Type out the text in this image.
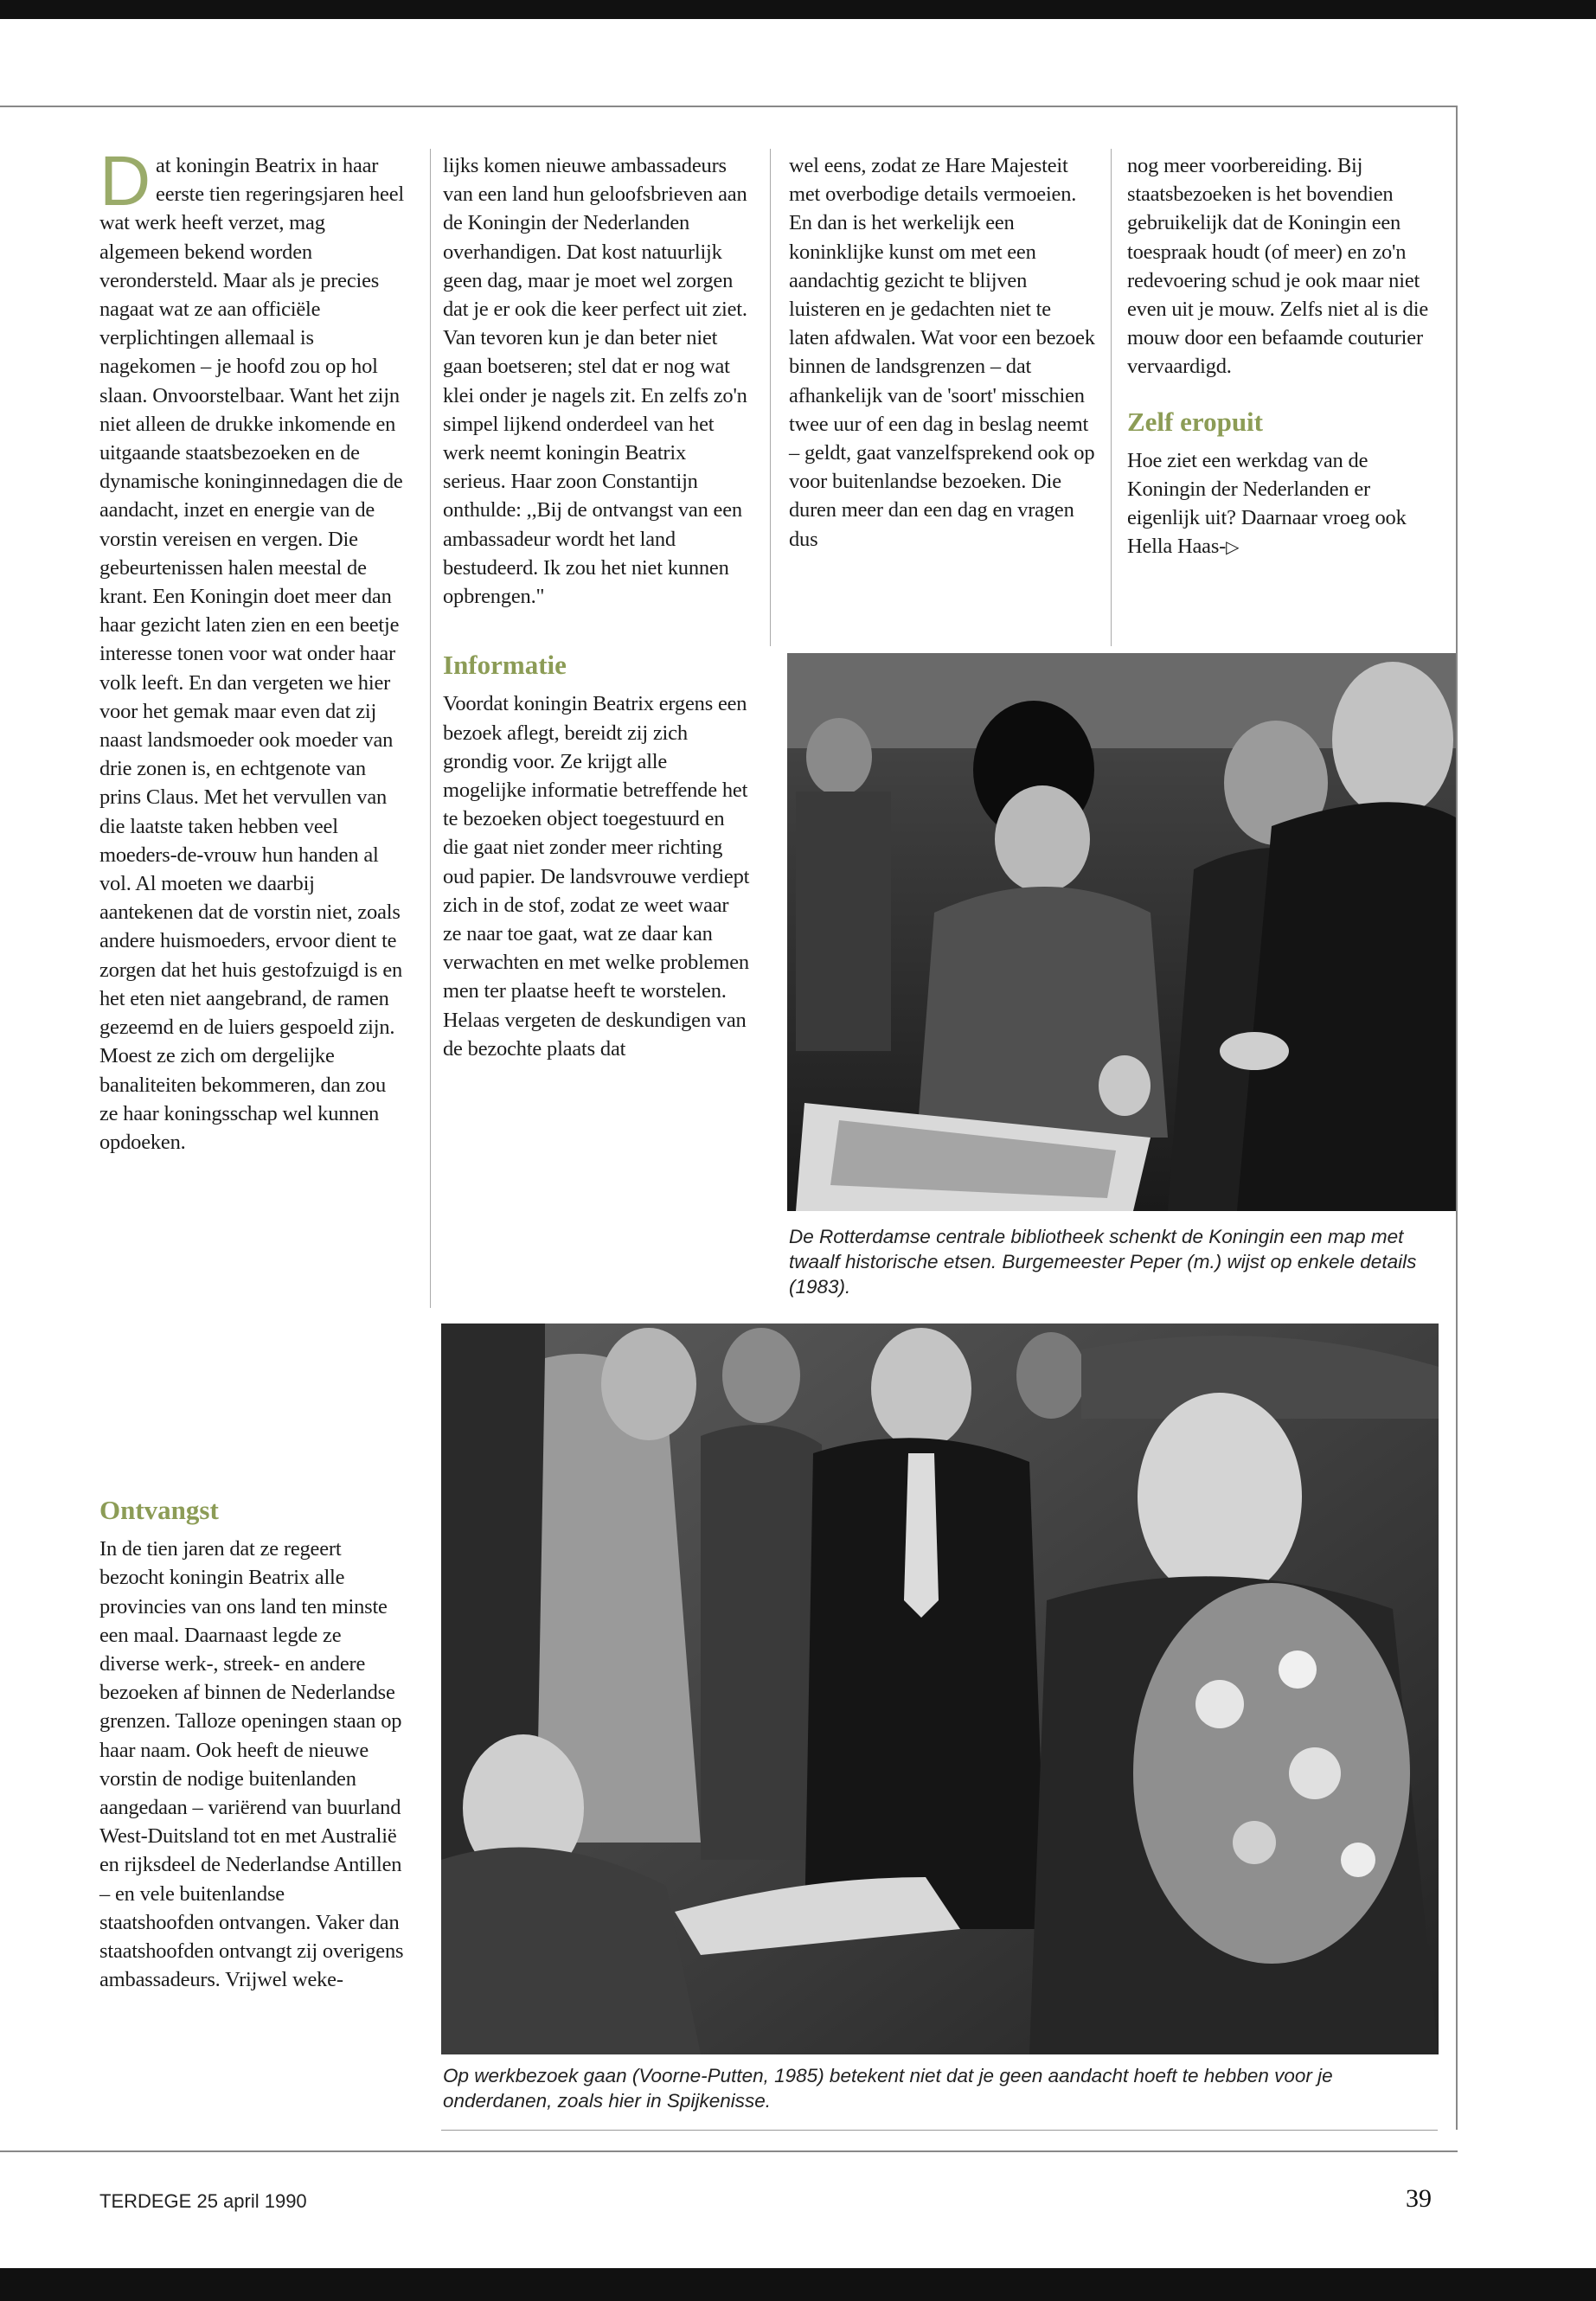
Dat koningin Beatrix in haar eerste tien regeringsjaren heel wat werk heeft verzet, mag algemeen bekend worden verondersteld. Maar als je precies nagaat wat ze aan officiële verplichtingen allemaal is nagekomen – je hoofd zou op hol slaan. Onvoorstelbaar. Want het zijn niet alleen de drukke inkomende en uitgaande staatsbezoeken en de dynamische koninginnedagen die de aandacht, inzet en energie van de vorstin vereisen en vergen. Die gebeurtenissen halen meestal de krant. Een Koningin doet meer dan haar gezicht laten zien en een beetje interesse tonen voor wat onder haar volk leeft. En dan vergeten we hier voor het gemak maar even dat zij naast landsmoeder ook moeder van drie zonen is, en echtgenote van prins Claus. Met het vervullen van die laatste taken hebben veel moeders-de-vrouw hun handen al vol. Al moeten we daarbij aantekenen dat de vorstin niet, zoals andere huismoeders, ervoor dient te zorgen dat het huis gestofzuigd is en het eten niet aangebrand, de ramen gezeemd en de luiers gespoeld zijn. Moest ze zich om dergelijke banaliteiten bekommeren, dan zou ze haar koningsschap wel kunnen opdoeken.

Ontvangst

In de tien jaren dat ze regeert bezocht koningin Beatrix alle provincies van ons land ten minste een maal. Daarnaast legde ze diverse werk-, streek- en andere bezoeken af binnen de Nederlandse grenzen. Talloze openingen staan op haar naam. Ook heeft de nieuwe vorstin de nodige buitenlanden aangedaan – variërend van buurland West-Duitsland tot en met Australië en rijksdeel de Nederlandse Antillen – en vele buitenlandse staatshoofden ontvangen. Vaker dan staatshoofden ontvangt zij overigens ambassadeurs. Vrijwel weke-

lijks komen nieuwe ambassadeurs van een land hun geloofsbrieven aan de Koningin der Nederlanden overhandigen. Dat kost natuurlijk geen dag, maar je moet wel zorgen dat je er ook die keer perfect uit ziet. Van tevoren kun je dan beter niet gaan boetseren; stel dat er nog wat klei onder je nagels zit. En zelfs zo'n simpel lijkend onderdeel van het werk neemt koningin Beatrix serieus. Haar zoon Constantijn onthulde: ,,Bij de ontvangst van een ambassadeur wordt het land bestudeerd. Ik zou het niet kunnen opbrengen."

Informatie

Voordat koningin Beatrix ergens een bezoek aflegt, bereidt zij zich grondig voor. Ze krijgt alle mogelijke informatie betreffende het te bezoeken object toegestuurd en die gaat niet zonder meer richting oud papier. De landsvrouwe verdiept zich in de stof, zodat ze weet waar ze naar toe gaat, wat ze daar kan verwachten en met welke problemen men ter plaatse heeft te worstelen. Helaas vergeten de deskundigen van de bezochte plaats dat

wel eens, zodat ze Hare Majesteit met overbodige details vermoeien. En dan is het werkelijk een koninklijke kunst om met een aandachtig gezicht te blijven luisteren en je gedachten niet te laten afdwalen. Wat voor een bezoek binnen de landsgrenzen – dat afhankelijk van de 'soort' misschien twee uur of een dag in beslag neemt – geldt, gaat vanzelfsprekend ook op voor buitenlandse bezoeken. Die duren meer dan een dag en vragen dus

nog meer voorbereiding. Bij staatsbezoeken is het bovendien gebruikelijk dat de Koningin een toespraak houdt (of meer) en zo'n redevoering schud je ook maar niet even uit je mouw. Zelfs niet al is die mouw door een befaamde couturier vervaardigd.

Zelf eropuit

Hoe ziet een werkdag van de Koningin der Nederlanden er eigenlijk uit? Daarnaar vroeg ook Hella Haas-▷

De Rotterdamse centrale bibliotheek schenkt de Koningin een map met twaalf historische etsen. Burgemeester Peper (m.) wijst op enkele details (1983).
Op werkbezoek gaan (Voorne-Putten, 1985) betekent niet dat je geen aandacht hoeft te hebben voor je onderdanen, zoals hier in Spijkenisse.
TERDEGE 25 april 1990	39
